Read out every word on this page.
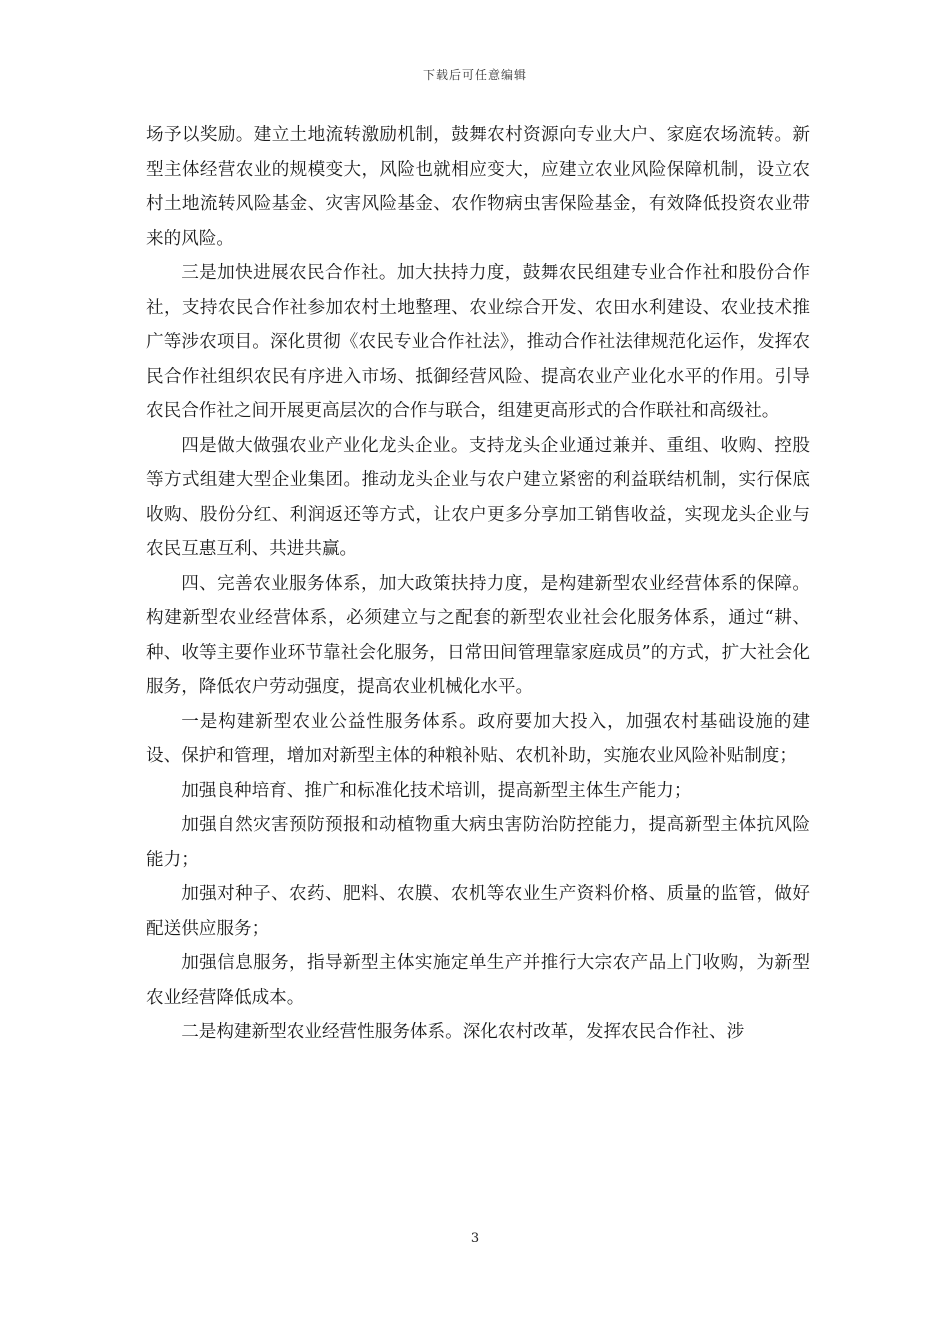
下载后可任意编辑

场予以奖励。建立土地流转激励机制，鼓舞农村资源向专业大户、家庭农场流转。新型主体经营农业的规模变大，风险也就相应变大，应建立农业风险保障机制，设立农村土地流转风险基金、灾害风险基金、农作物病虫害保险基金，有效降低投资农业带来的风险。

三是加快进展农民合作社。加大扶持力度，鼓舞农民组建专业合作社和股份合作社，支持农民合作社参加农村土地整理、农业综合开发、农田水利建设、农业技术推广等涉农项目。深化贯彻《农民专业合作社法》，推动合作社法律规范化运作，发挥农民合作社组织农民有序进入市场、抵御经营风险、提高农业产业化水平的作用。引导农民合作社之间开展更高层次的合作与联合，组建更高形式的合作联社和高级社。

四是做大做强农业产业化龙头企业。支持龙头企业通过兼并、重组、收购、控股等方式组建大型企业集团。推动龙头企业与农户建立紧密的利益联结机制，实行保底收购、股份分红、利润返还等方式，让农户更多分享加工销售收益，实现龙头企业与农民互惠互利、共进共赢。

四、完善农业服务体系，加大政策扶持力度，是构建新型农业经营体系的保障。构建新型农业经营体系，必须建立与之配套的新型农业社会化服务体系，通过“耕、种、收等主要作业环节靠社会化服务，日常田间管理靠家庭成员”的方式，扩大社会化服务，降低农户劳动强度，提高农业机械化水平。

一是构建新型农业公益性服务体系。政府要加大投入，加强农村基础设施的建设、保护和管理，增加对新型主体的种粮补贴、农机补助，实施农业风险补贴制度；

加强良种培育、推广和标准化技术培训，提高新型主体生产能力；

加强自然灾害预防预报和动植物重大病虫害防治防控能力，提高新型主体抗风险能力；

加强对种子、农药、肥料、农膜、农机等农业生产资料价格、质量的监管，做好配送供应服务；

加强信息服务，指导新型主体实施定单生产并推行大宗农产品上门收购，为新型农业经营降低成本。

二是构建新型农业经营性服务体系。深化农村改革，发挥农民合作社、涉

3
